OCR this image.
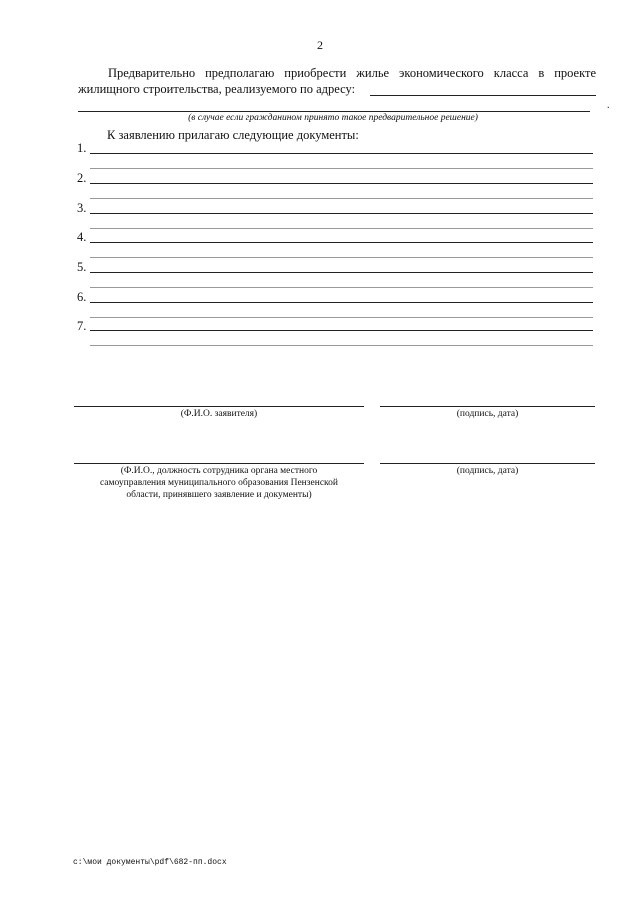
2
Предварительно предполагаю приобрести жилье экономического класса в проекте
жилищного строительства, реализуемого по адресу:
.
(в случае если гражданином принято такое предварительное решение)
К заявлению прилагаю следующие документы:
1.
2.
3.
4.
5.
6.
7.
(Ф.И.О. заявителя)	(подпись, дата)
(Ф.И.О., должность сотрудника органа местного
самоуправления муниципального образования Пензенской
области, принявшего заявление и документы)
(подпись, дата)
c:\мои документы\pdf\682-пп.docx
